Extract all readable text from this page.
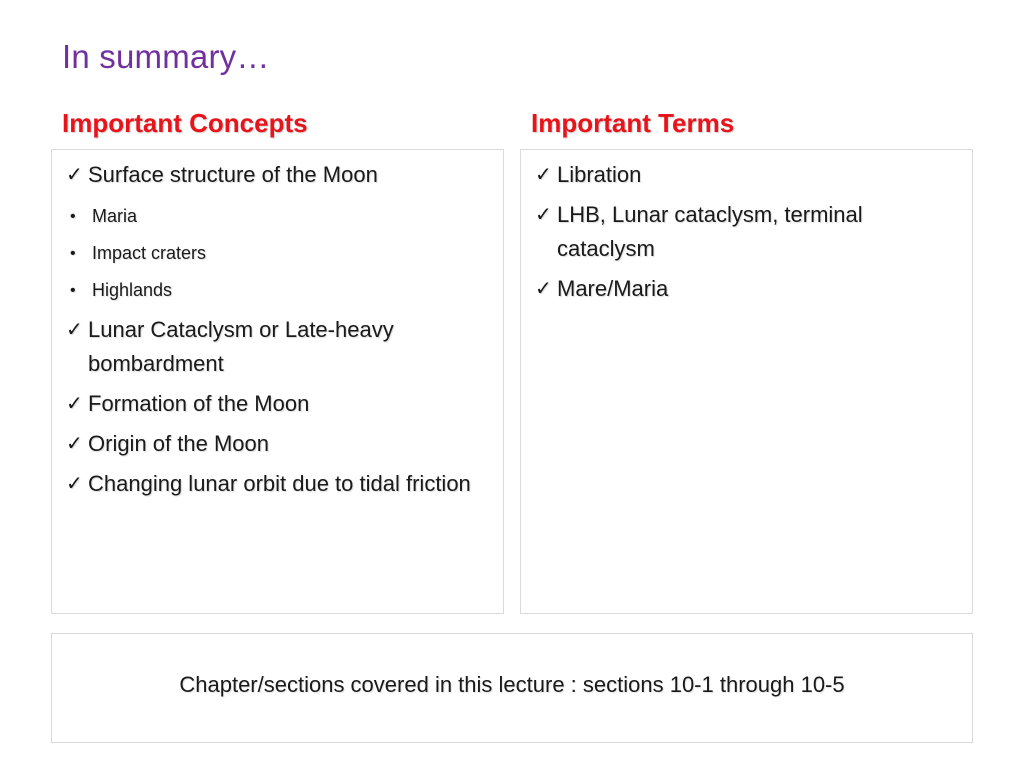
In summary…
Important Concepts	Important Terms
✓ Surface structure of the Moon
• Maria
• Impact craters
• Highlands
✓ Lunar Cataclysm or Late-heavy bombardment
✓ Formation of the Moon
✓ Origin of the Moon
✓ Changing lunar orbit due to tidal friction
✓ Libration
✓ LHB, Lunar cataclysm, terminal cataclysm
✓ Mare/Maria
Chapter/sections covered in this lecture : sections 10-1 through 10-5
